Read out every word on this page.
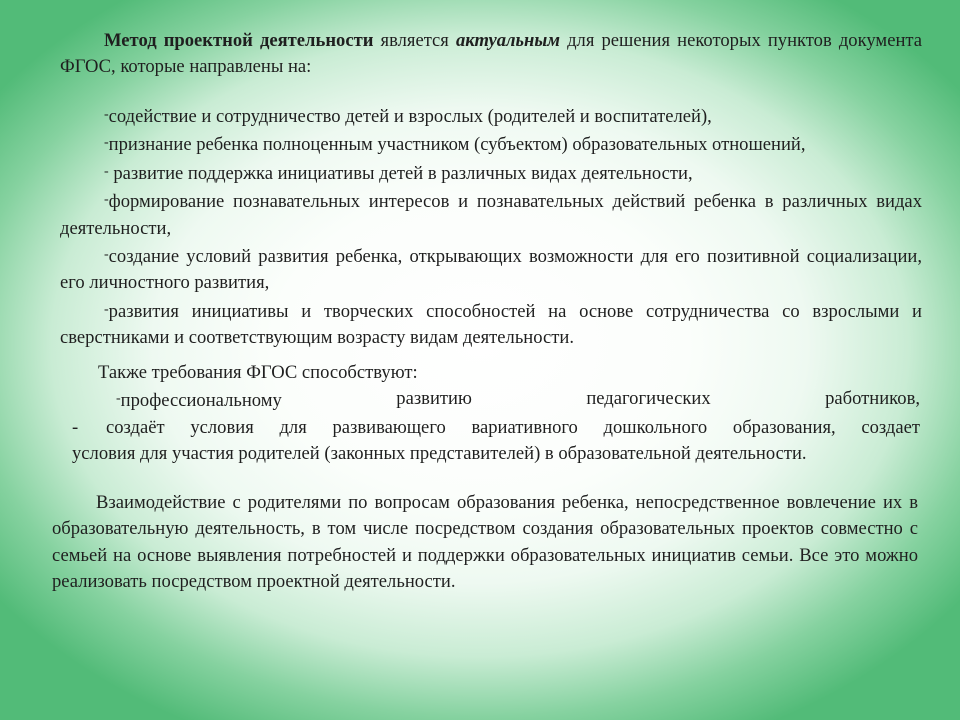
Метод проектной деятельности является актуальным для решения некоторых пунктов документа ФГОС, которые направлены на:

-содействие и сотрудничество детей и взрослых (родителей и воспитателей),

-признание ребенка полноценным участником (субъектом) образовательных отношений,

- развитие поддержка инициативы детей в различных видах деятельности,

-формирование познавательных интересов и познавательных действий ребенка в различных видах деятельности,

-создание условий развития ребенка, открывающих возможности для его позитивной социализации, его личностного развития,

-развития инициативы и творческих способностей на основе сотрудничества со взрослыми и сверстниками и соответствующим возрасту видам деятельности.

Также требования ФГОС способствуют:

-профессиональному	развитию	педагогических	работников,

- создаёт условия для развивающего вариативного дошкольного образования, создает

условия для участия родителей (законных представителей) в образовательной деятельности.

Взаимодействие с родителями по вопросам образования ребенка, непосредственное вовлечение их в образовательную деятельность, в том числе посредством создания образовательных проектов совместно с семьей на основе выявления потребностей и поддержки образовательных инициатив семьи. Все это можно реализовать посредством проектной деятельности.
